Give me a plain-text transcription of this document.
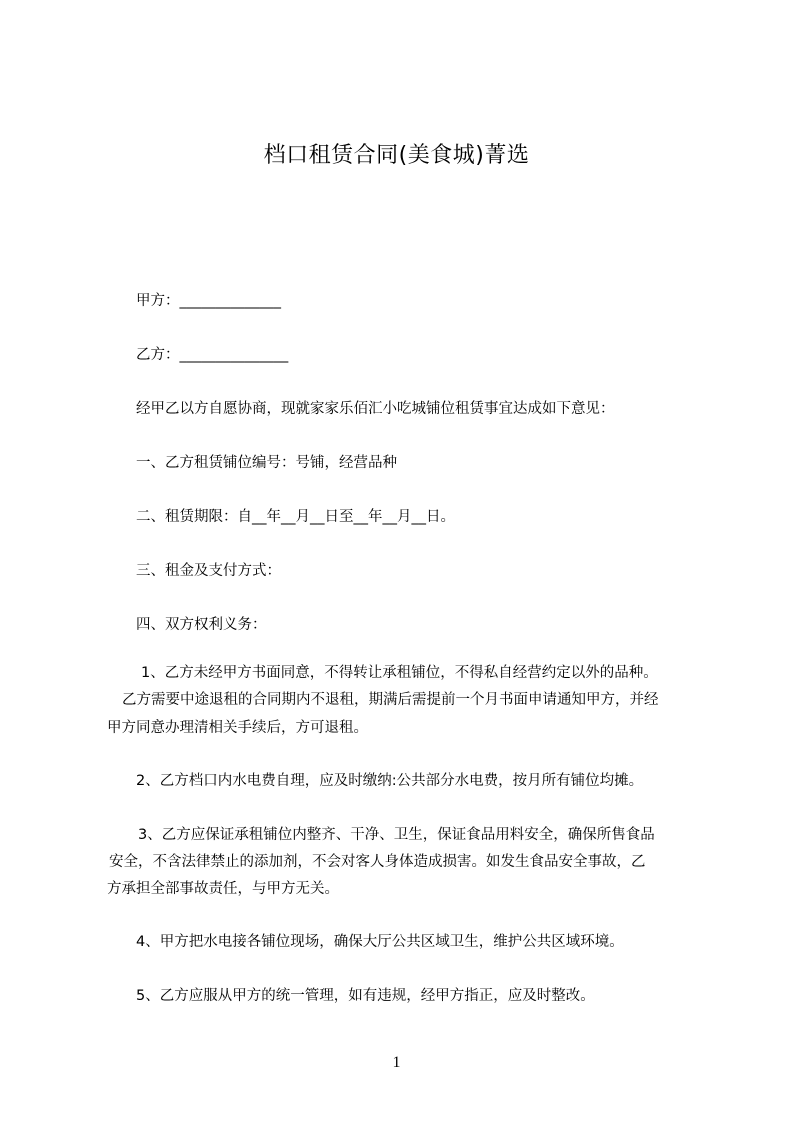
档口租赁合同(美食城)菁选
甲方：______________
乙方：_______________
经甲乙以方自愿协商，现就家家乐佰汇小吃城铺位租赁事宜达成如下意见：
一、乙方租赁铺位编号：号铺，经营品种
二、租赁期限：自__年__月__日至__年__月__日。
三、租金及支付方式：
四、双方权利义务：
1、乙方未经甲方书面同意，不得转让承租铺位，不得私自经营约定以外的品种。
乙方需要中途退租的合同期内不退租，期满后需提前一个月书面申请通知甲方，并经
甲方同意办理清相关手续后，方可退租。
2、乙方档口内水电费自理，应及时缴纳:公共部分水电费，按月所有铺位均摊。
3、乙方应保证承租铺位内整齐、干净、卫生，保证食品用料安全，确保所售食品
安全，不含法律禁止的添加剂，不会对客人身体造成损害。如发生食品安全事故，乙
方承担全部事故责任，与甲方无关。
4、甲方把水电接各铺位现场，确保大厅公共区域卫生，维护公共区域环境。
5、乙方应服从甲方的统一管理，如有违规，经甲方指正，应及时整改。
1
